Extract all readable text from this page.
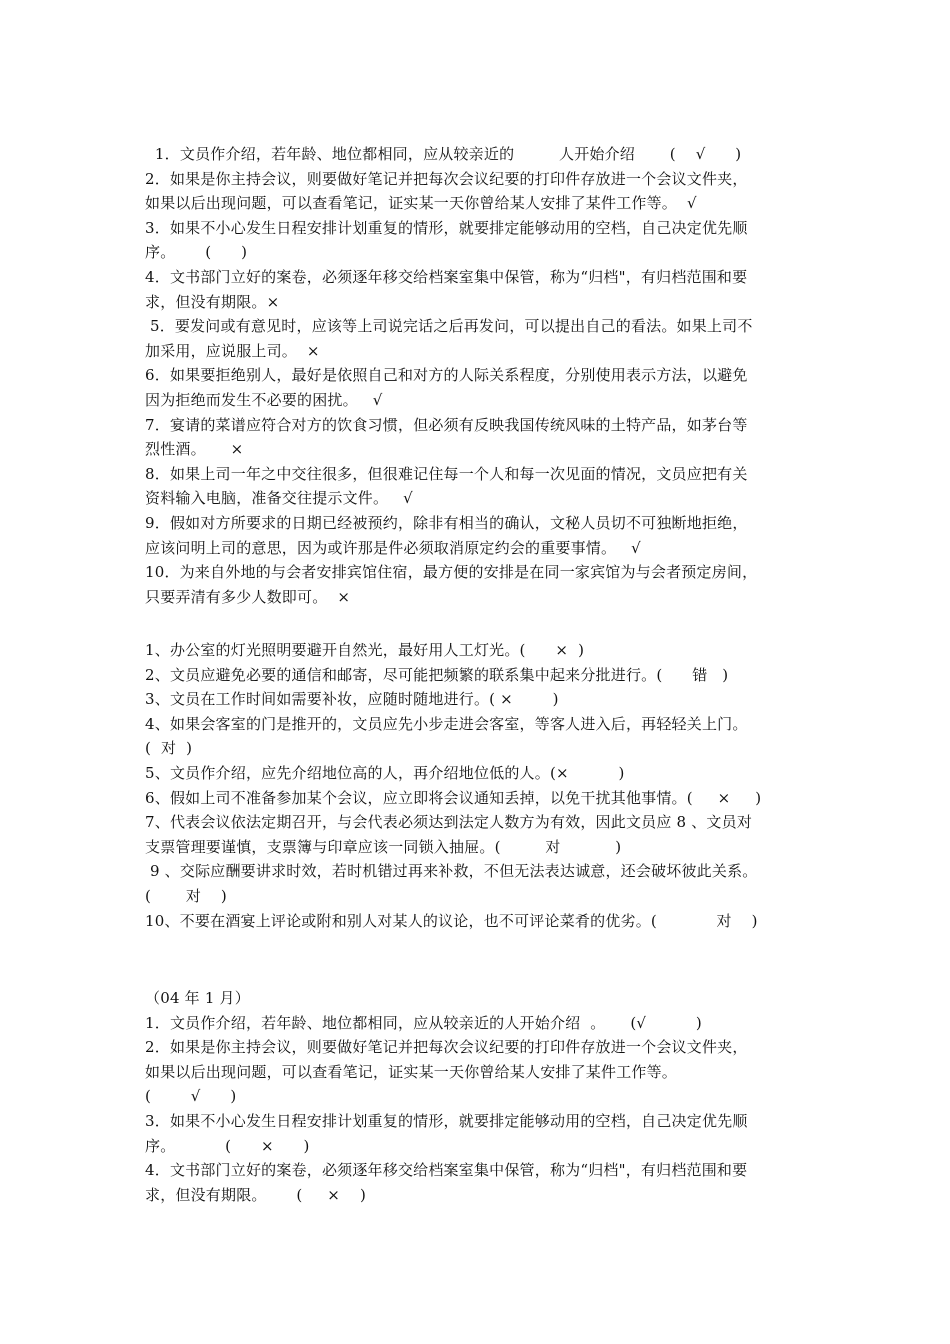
1．文员作介绍，若年龄、地位都相同，应从较亲近的         人开始介绍       (    √      )
2．如果是你主持会议，则要做好笔记并把每次会议纪要的打印件存放进一个会议文件夹，
如果以后出现问题，可以查看笔记，证实某一天你曾给某人安排了某件工作等。  √
3．如果不小心发生日程安排计划重复的情形，就要排定能够动用的空档，自己决定优先顺
序。      (      )
4．文书部门立好的案卷，必须逐年移交给档案室集中保管，称为“归档"，有归档范围和要
求，但没有期限。×
5．要发问或有意见时，应该等上司说完话之后再发问，可以提出自己的看法。如果上司不
加采用，应说服上司。  ×
6．如果要拒绝别人，最好是依照自己和对方的人际关系程度，分别使用表示方法，以避免
因为拒绝而发生不必要的困扰。   √
7．宴请的菜谱应符合对方的饮食习惯，但必须有反映我国传统风味的土特产品，如茅台等
烈性酒。     ×
8．如果上司一年之中交往很多，但很难记住每一个人和每一次见面的情况，文员应把有关
资料输入电脑，准备交往提示文件。   √
9．假如对方所要求的日期已经被预约，除非有相当的确认，文秘人员切不可独断地拒绝，
应该问明上司的意思，因为或许那是件必须取消原定约会的重要事情。   √
10．为来自外地的与会者安排宾馆住宿，最方便的安排是在同一家宾馆为与会者预定房间，
只要弄清有多少人数即可。  ×
1、办公室的灯光照明要避开自然光，最好用人工灯光。(      ×  )
2、文员应避免必要的通信和邮寄，尽可能把频繁的联系集中起来分批进行。(      错   )
3、文员在工作时间如需要补妆，应随时随地进行。( ×        )
4、如果会客室的门是推开的，文员应先小步走进会客室，等客人进入后，再轻轻关上门。
(  对  )
5、文员作介绍，应先介绍地位高的人，再介绍地位低的人。(×          )
6、假如上司不准备参加某个会议，应立即将会议通知丢掉，以免干扰其他事情。(     ×     )
7、代表会议依法定期召开，与会代表必须达到法定人数方为有效，因此文员应 8 、文员对
支票管理要谨慎，支票簿与印章应该一同锁入抽屉。(         对           )
9 、交际应酬要讲求时效，若时机错过再来补救，不但无法表达诚意，还会破坏彼此关系。
(       对    )
10、不要在酒宴上评论或附和别人对某人的议论，也不可评论菜肴的优劣。(            对    )
（04 年 1 月）
1．文员作介绍，若年龄、地位都相同，应从较亲近的人开始介绍  。     (√          )
2．如果是你主持会议，则要做好笔记并把每次会议纪要的打印件存放进一个会议文件夹，
如果以后出现问题，可以查看笔记，证实某一天你曾给某人安排了某件工作等。
(        √      )
3．如果不小心发生日程安排计划重复的情形，就要排定能够动用的空档，自己决定优先顺
序。          (      ×      )
4．文书部门立好的案卷，必须逐年移交给档案室集中保管，称为“归档"，有归档范围和要
求，但没有期限。      (     ×    )
